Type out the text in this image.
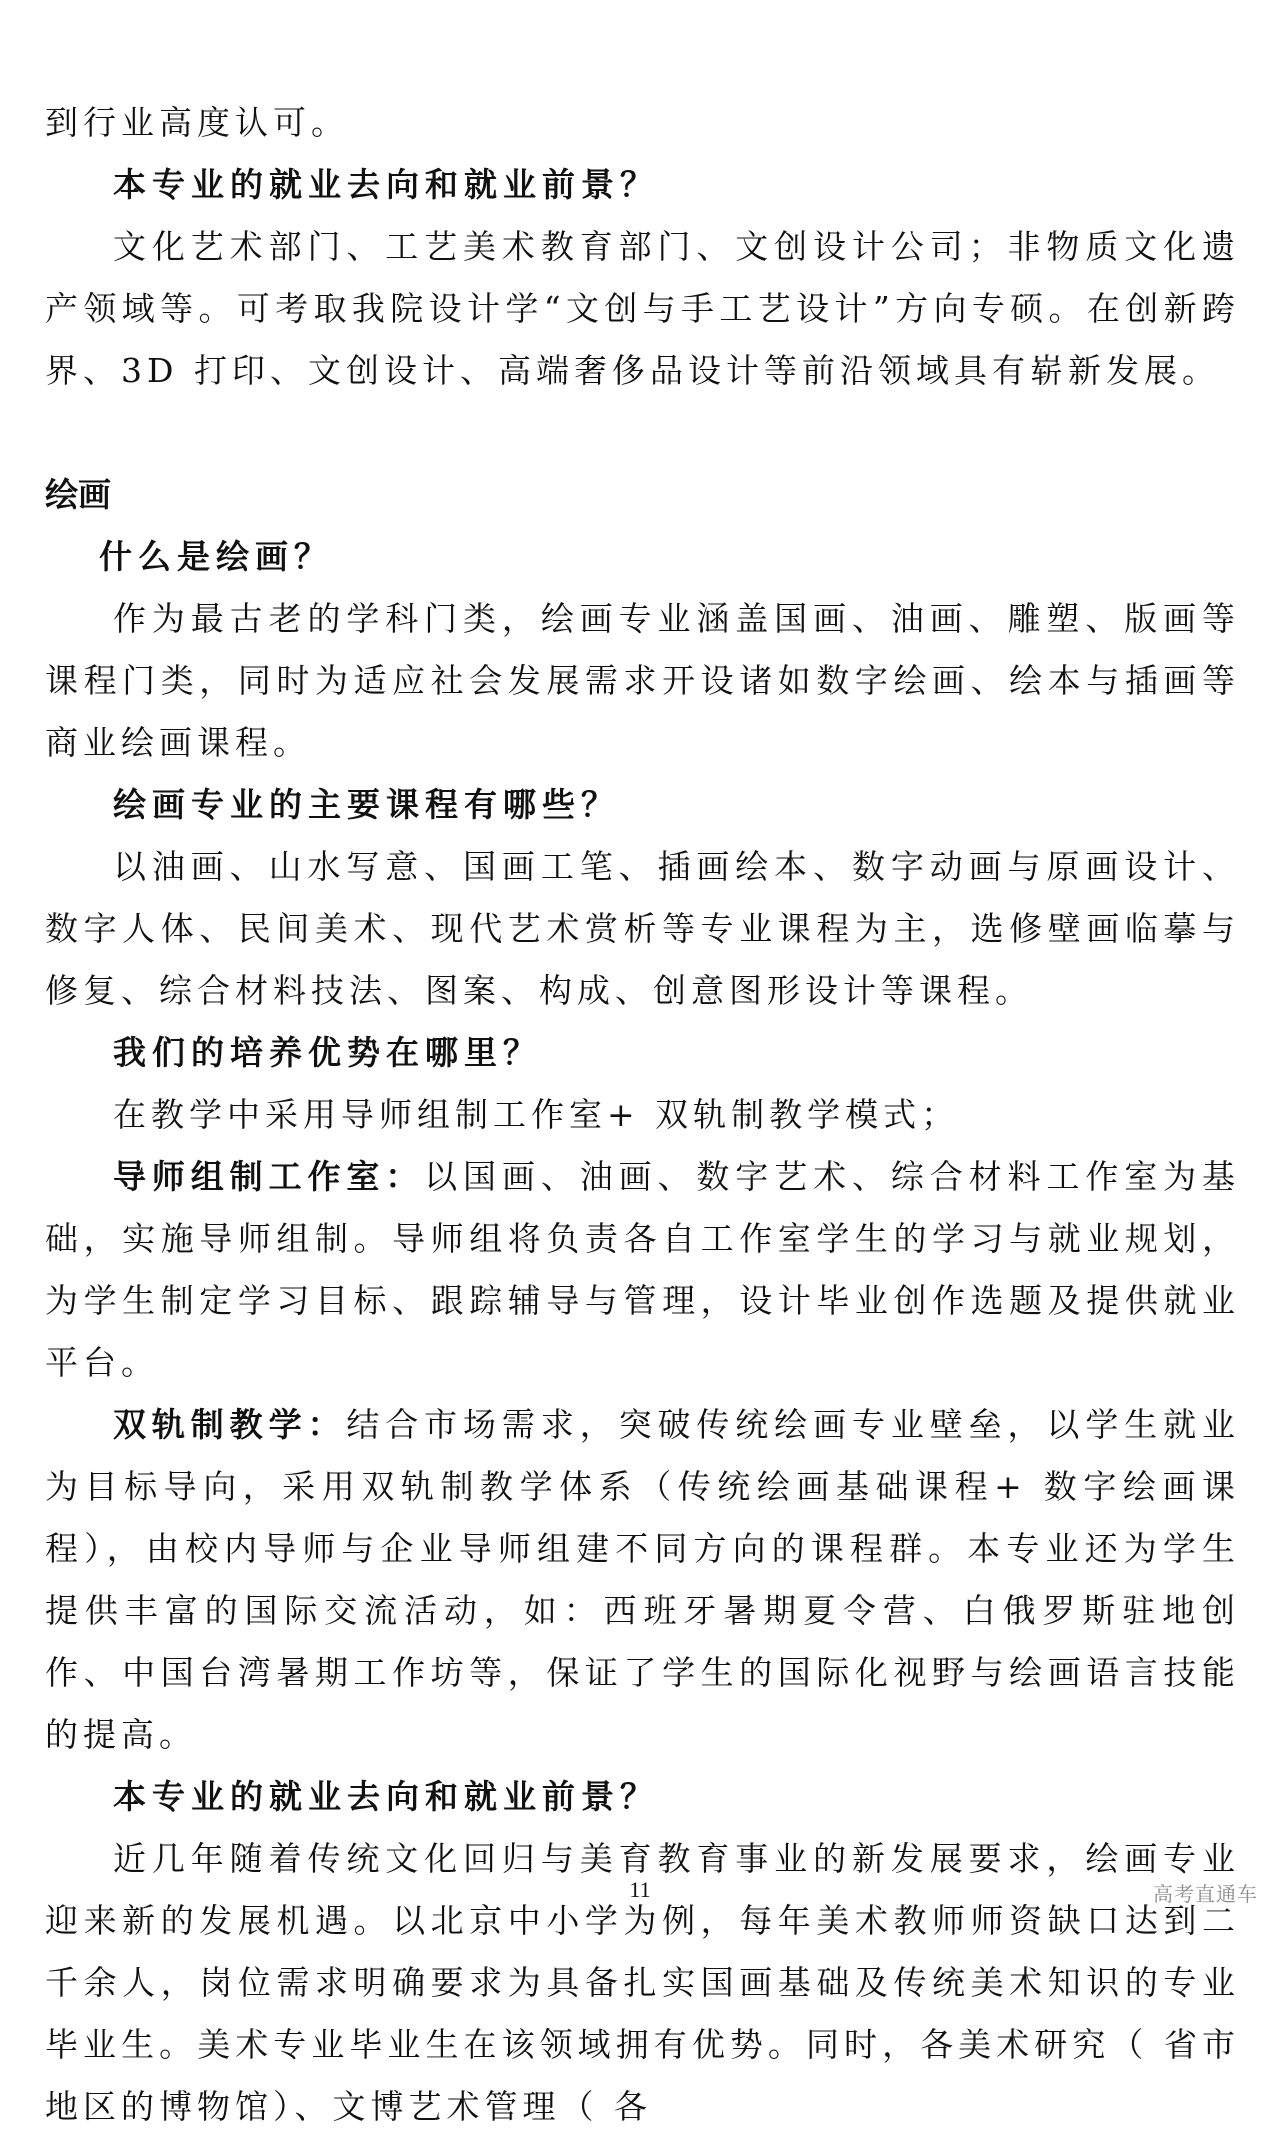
到行业高度认可。

本专业的就业去向和就业前景？

文化艺术部门、工艺美术教育部门、文创设计公司；非物质文化遗产领域等。可考取我院设计学“文创与手工艺设计”方向专硕。在创新跨界、3D 打印、文创设计、高端奢侈品设计等前沿领域具有崭新发展。

绘画

什么是绘画？

作为最古老的学科门类，绘画专业涵盖国画、油画、雕塑、版画等课程门类，同时为适应社会发展需求开设诸如数字绘画、绘本与插画等商业绘画课程。

绘画专业的主要课程有哪些？

以油画、山水写意、国画工笔、插画绘本、数字动画与原画设计、数字人体、民间美术、现代艺术赏析等专业课程为主，选修壁画临摹与修复、综合材料技法、图案、构成、创意图形设计等课程。

我们的培养优势在哪里？

在教学中采用导师组制工作室+ 双轨制教学模式；

导师组制工作室：以国画、油画、数字艺术、综合材料工作室为基础，实施导师组制。导师组将负责各自工作室学生的学习与就业规划，为学生制定学习目标、跟踪辅导与管理，设计毕业创作选题及提供就业平台。

双轨制教学：结合市场需求，突破传统绘画专业壁垒，以学生就业为目标导向，采用双轨制教学体系（传统绘画基础课程+ 数字绘画课程），由校内导师与企业导师组建不同方向的课程群。本专业还为学生提供丰富的国际交流活动，如：西班牙暑期夏令营、白俄罗斯驻地创作、中国台湾暑期工作坊等，保证了学生的国际化视野与绘画语言技能的提高。

本专业的就业去向和就业前景？

近几年随着传统文化回归与美育教育事业的新发展要求，绘画专业迎来新的发展机遇。以北京中小学为例，每年美术教师师资缺口达到二千余人，岗位需求明确要求为具备扎实国画基础及传统美术知识的专业毕业生。美术专业毕业生在该领域拥有优势。同时，各美术研究（ 省市地区的博物馆）、文博艺术管理（ 各

11	高考直通车
